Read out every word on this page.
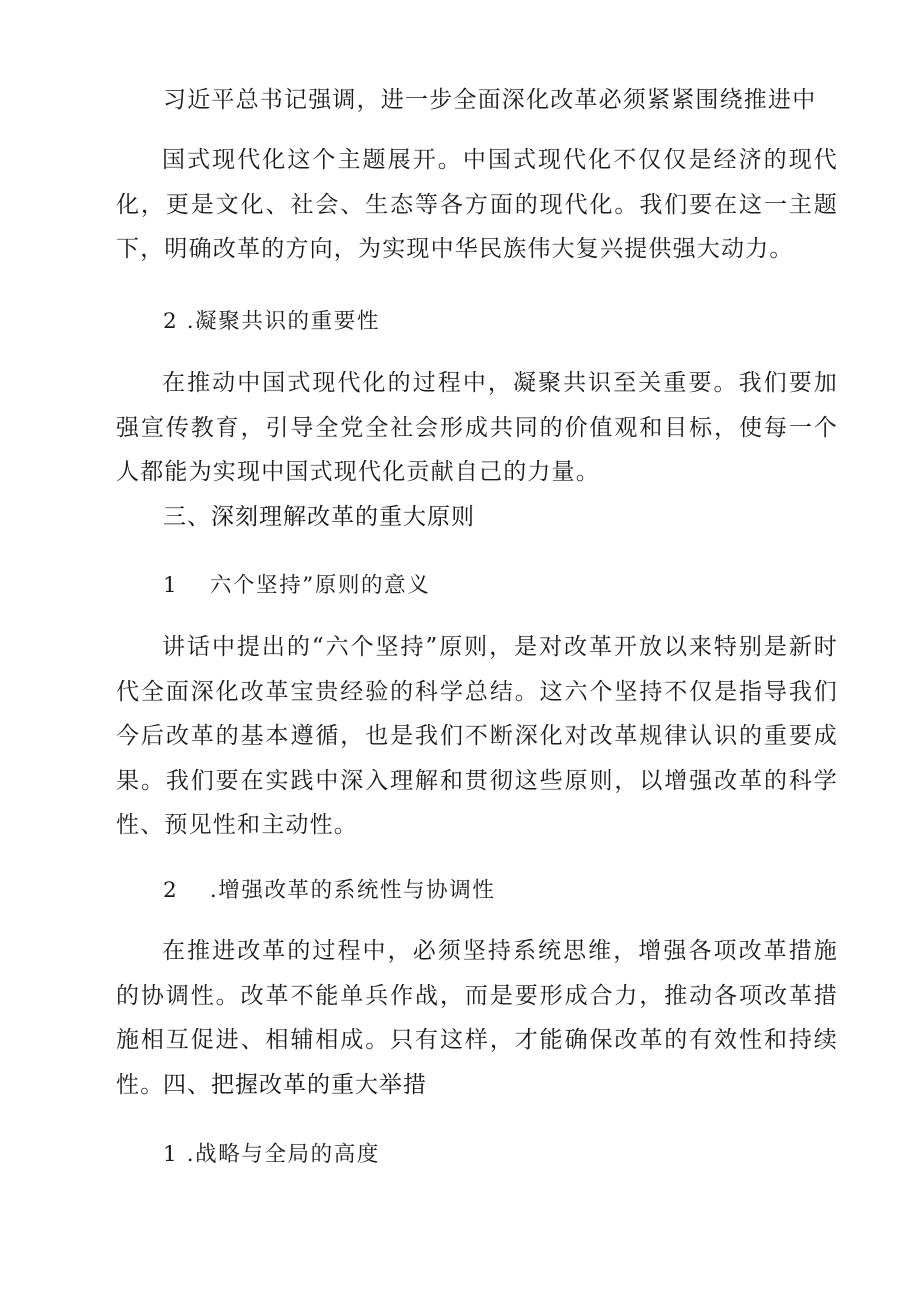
习近平总书记强调，进一步全面深化改革必须紧紧围绕推进中

国式现代化这个主题展开。中国式现代化不仅仅是经济的现代化，更是文化、社会、生态等各方面的现代化。我们要在这一主题下，明确改革的方向，为实现中华民族伟大复兴提供强大动力。

2 .凝聚共识的重要性

在推动中国式现代化的过程中，凝聚共识至关重要。我们要加强宣传教育，引导全党全社会形成共同的价值观和目标，使每一个人都能为实现中国式现代化贡献自己的力量。

三、深刻理解改革的重大原则
1　 六个坚持”原则的意义

讲话中提出的“六个坚持”原则，是对改革开放以来特别是新时代全面深化改革宝贵经验的科学总结。这六个坚持不仅是指导我们今后改革的基本遵循，也是我们不断深化对改革规律认识的重要成果。我们要在实践中深入理解和贯彻这些原则，以增强改革的科学性、预见性和主动性。

2　 .增强改革的系统性与协调性

在推进改革的过程中，必须坚持系统思维，增强各项改革措施的协调性。改革不能单兵作战，而是要形成合力，推动各项改革措施相互促进、相辅相成。只有这样，才能确保改革的有效性和持续性。

四、把握改革的重大举措
1 .战略与全局的高度
